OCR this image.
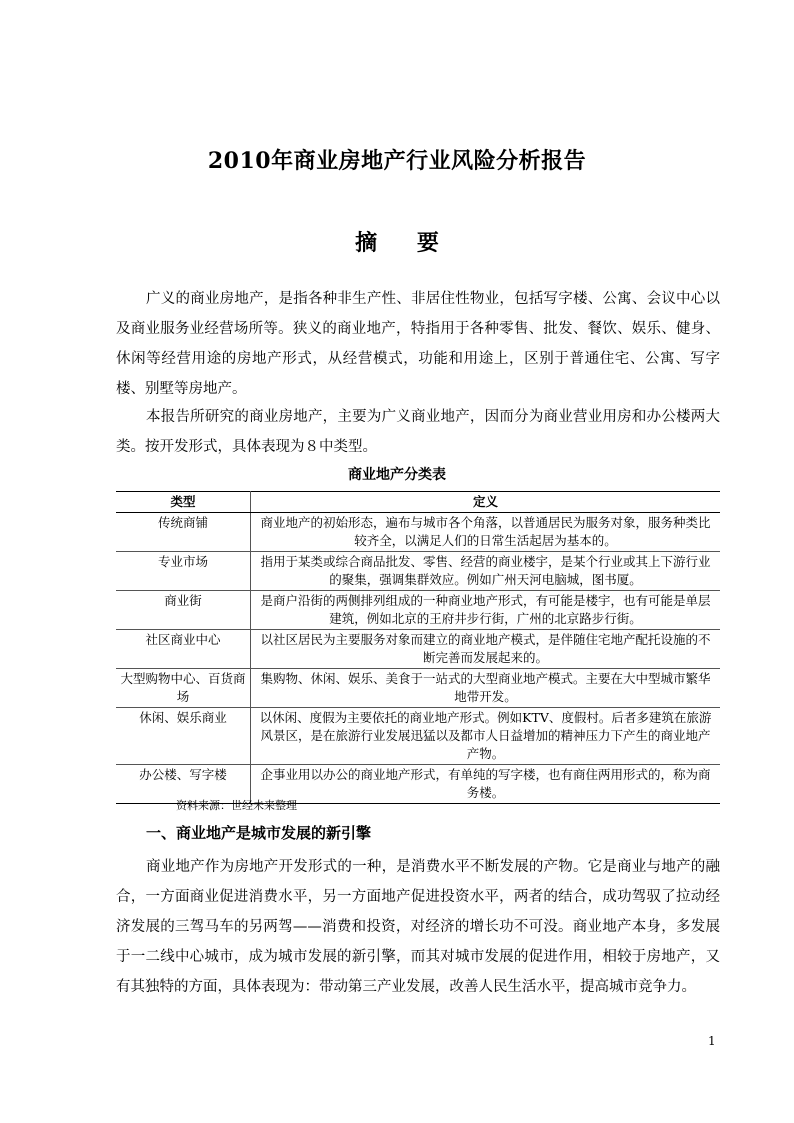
2010年商业房地产行业风险分析报告
摘 要

广义的商业房地产，是指各种非生产性、非居住性物业，包括写字楼、公寓、会议中心以及商业服务业经营场所等。狭义的商业地产，特指用于各种零售、批发、餐饮、娱乐、健身、休闲等经营用途的房地产形式，从经营模式，功能和用途上，区别于普通住宅、公寓、写字楼、别墅等房地产。

本报告所研究的商业房地产，主要为广义商业地产，因而分为商业营业用房和办公楼两大类。按开发形式，具体表现为８中类型。

商业地产分类表
类型	定义
传统商铺	商业地产的初始形态，遍布与城市各个角落，以普通居民为服务对象，服务种类比较齐全，以满足人们的日常生活起居为基本的。
专业市场	指用于某类或综合商品批发、零售、经营的商业楼宇，是某个行业或其上下游行业的聚集，强调集群效应。例如广州天河电脑城，图书厦。
商业街	是商户沿街的两侧排列组成的一种商业地产形式，有可能是楼宇，也有可能是单层建筑，例如北京的王府井步行街，广州的北京路步行街。
社区商业中心	以社区居民为主要服务对象而建立的商业地产模式，是伴随住宅地产配托设施的不断完善而发展起来的。
大型购物中心、百货商场	集购物、休闲、娱乐、美食于一站式的大型商业地产模式。主要在大中型城市繁华地带开发。
休闲、娱乐商业	以休闲、度假为主要依托的商业地产形式。例如KTV、度假村。后者多建筑在旅游风景区，是在旅游行业发展迅猛以及都市人日益增加的精神压力下产生的商业地产产物。
办公楼、写字楼	企事业用以办公的商业地产形式，有单纯的写字楼，也有商住两用形式的，称为商务楼。
资料来源：世经未来整理
一、商业地产是城市发展的新引擎

商业地产作为房地产开发形式的一种，是消费水平不断发展的产物。它是商业与地产的融合，一方面商业促进消费水平，另一方面地产促进投资水平，两者的结合，成功驾驭了拉动经济发展的三驾马车的另两驾——消费和投资，对经济的增长功不可没。商业地产本身，多发展于一二线中心城市，成为城市发展的新引擎，而其对城市发展的促进作用，相较于房地产，又有其独特的方面，具体表现为：带动第三产业发展，改善人民生活水平，提高城市竞争力。

1
